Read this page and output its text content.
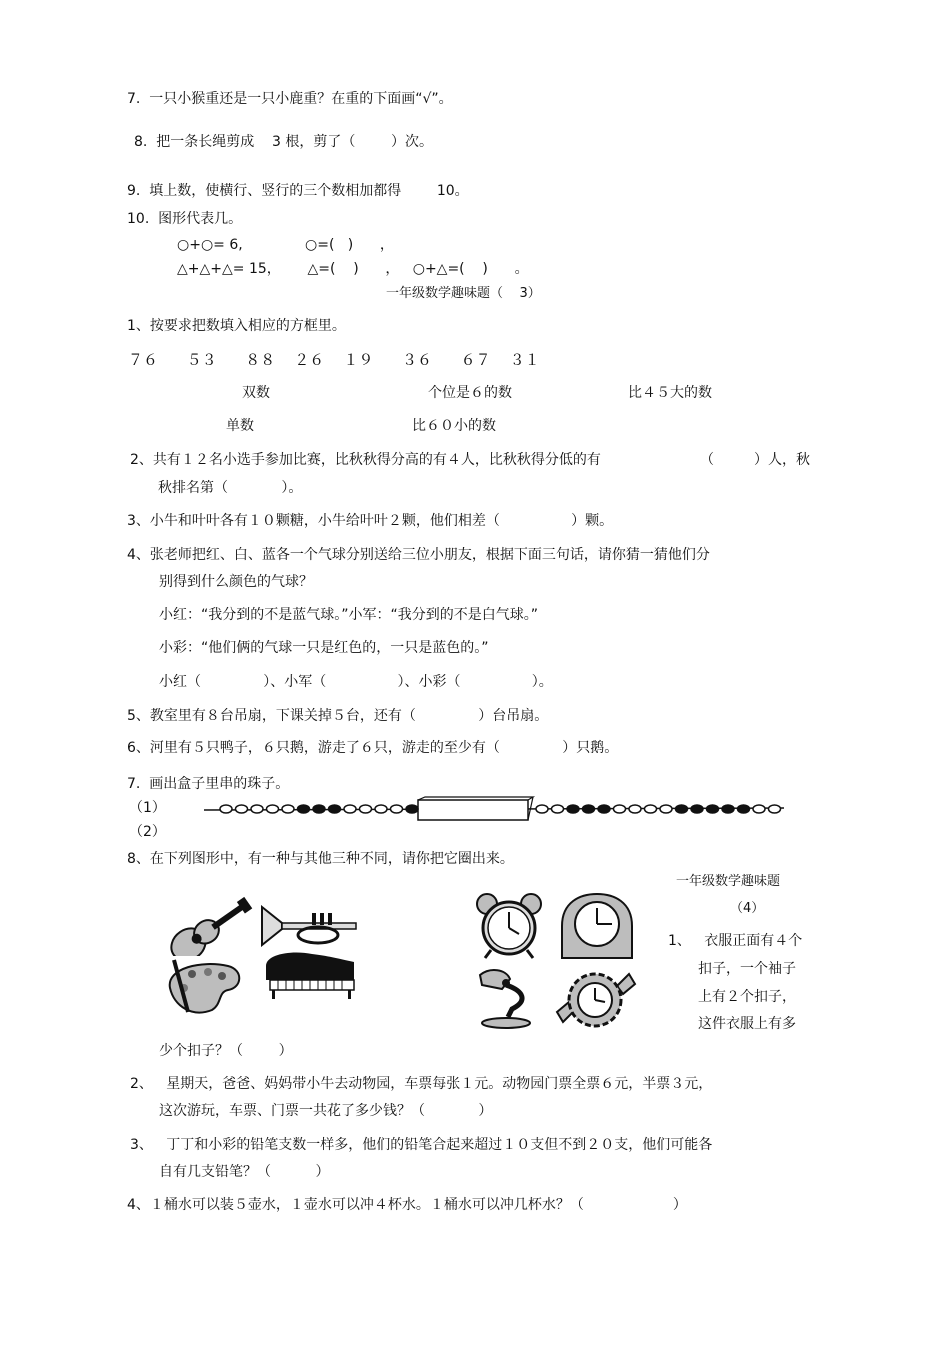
7.  一只小猴重还是一只小鹿重？在重的下面画“√”。
8.  把一条长绳剪成    3 根，剪了（        ）次。
9.  填上数，使横行、竖行的三个数相加都得        10。
10.  图形代表几。
○+○= 6,              ○=(   )      ，
△+△+△= 15，      △=(    )      ，   ○+△=(    )      。
一年级数学趣味题（    3）
1、按要求把数填入相应的方框里。
７６      ５３      ８８    ２６    １９      ３６      ６７    ３１
双数	个位是６的数	比４５大的数
单数	比６０小的数
2、共有１２名小选手参加比赛，比秋秋得分高的有４人，比秋秋得分低的有	（         ）人，秋
秋排名第（            ）。
3、小牛和叶叶各有１０颗糖，小牛给叶叶２颗，他们相差（                ）颗。
4、张老师把红、白、蓝各一个气球分别送给三位小朋友，根据下面三句话，请你猜一猜他们分
别得到什么颜色的气球？
小红：“我分到的不是蓝气球。”小军：“我分到的不是白气球。”
小彩：“他们俩的气球一只是红色的，一只是蓝色的。”
小红（              ）、小军（                ）、小彩（                ）。
5、教室里有８台吊扇，下课关掉５台，还有（              ）台吊扇。
6、河里有５只鸭子，６只鹅，游走了６只，游走的至少有（              ）只鹅。
7.  画出盒子里串的珠子。
（1）
（2）
8、在下列图形中，有一种与其他三种不同，请你把它圈出来。
一年级数学趣味题
（4）
1、   衣服正面有４个
扣子，一个袖子
上有２个扣子，
这件衣服上有多
少个扣子？（        ）
2、   星期天，爸爸、妈妈带小牛去动物园，车票每张１元。动物园门票全票６元，半票３元，
这次游玩，车票、门票一共花了多少钱？（            ）
3、   丁丁和小彩的铅笔支数一样多，他们的铅笔合起来超过１０支但不到２０支，他们可能各
自有几支铅笔？（          ）
4、１桶水可以装５壶水，１壶水可以冲４杯水。１桶水可以冲几杯水？（                    ）
